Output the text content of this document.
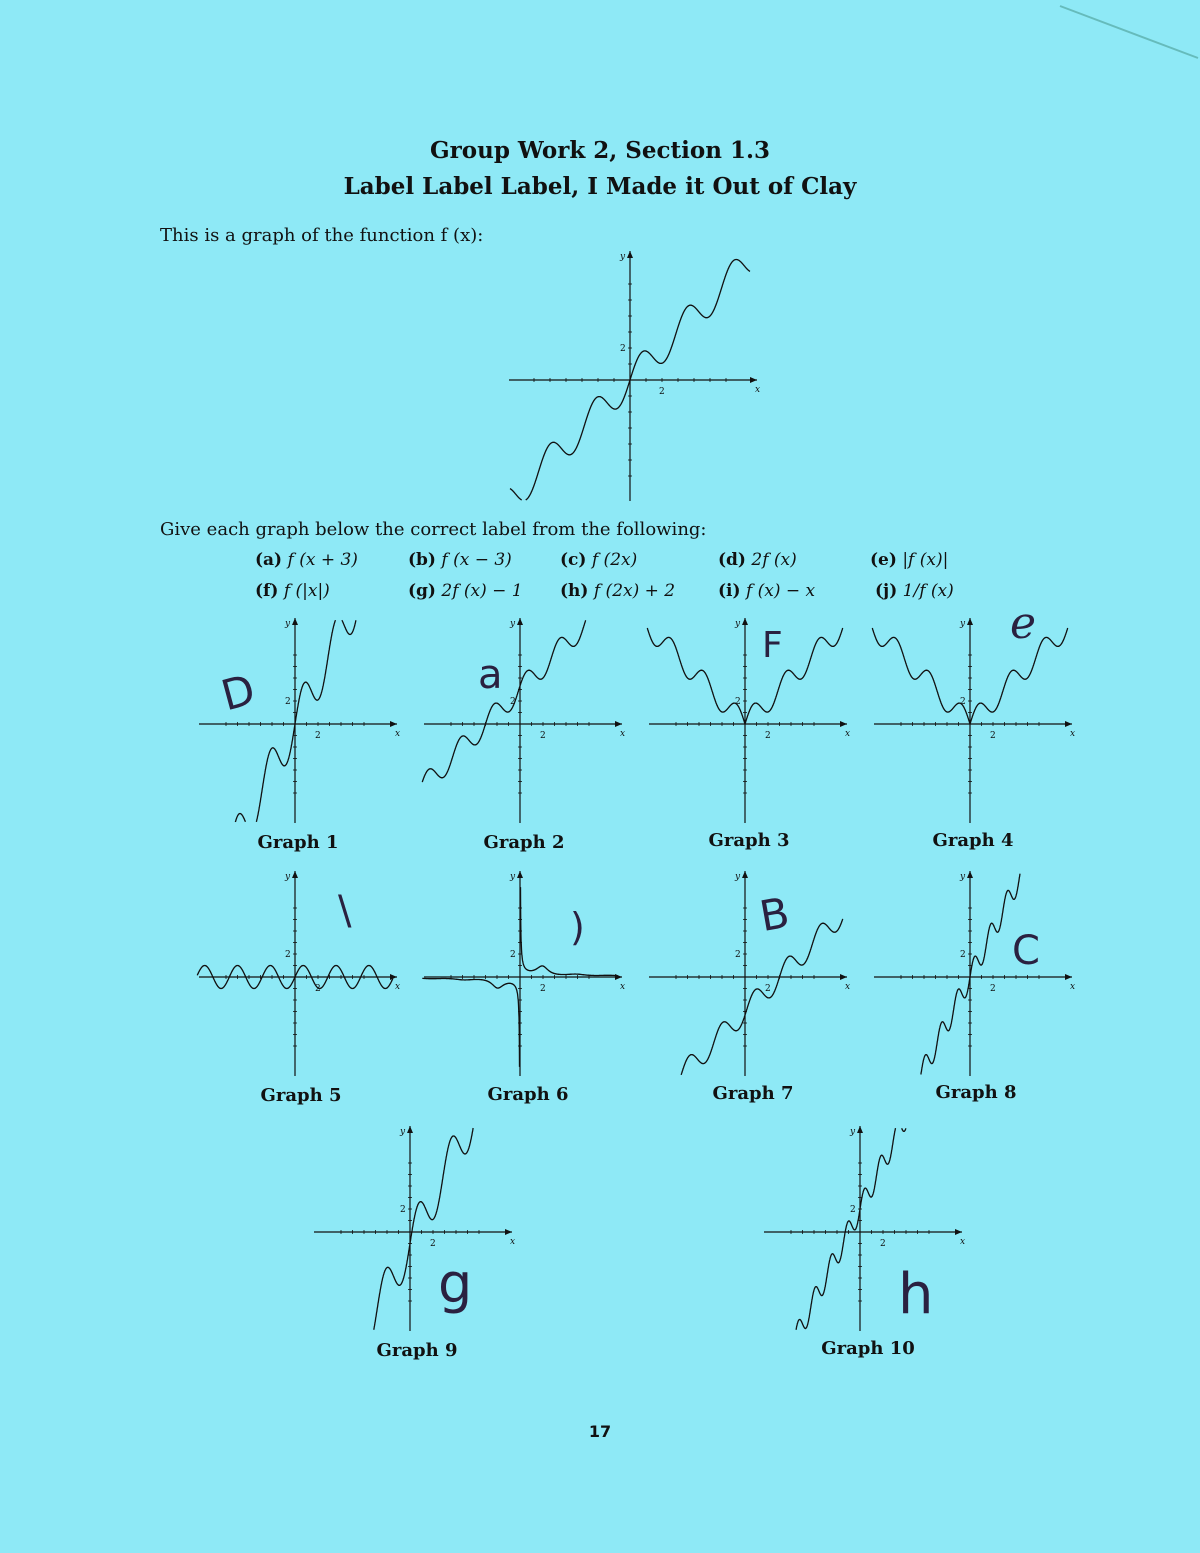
Group Work 2, Section 1.3
Label Label Label, I Made it Out of Clay
This is a graph of the function f (x):
2
2
x
y
Give each graph below the correct label from the following:
(a) f (x + 3)	(b) f (x − 3)	(c) f (2x)	(d) 2f (x)	(e) |f (x)|
(f) f (|x|)	(g) 2f (x) − 1 (h) f (2x) + 2	(i) f (x) − x	(j) 1/f (x)
2
2
x
y
2
2
x
y
2
2
x
y
2
2
x
y
2
2
x
y
2
2
x
y
2
2
x
y
2
2
x
y
2
2
x
y
2
2
x
y
Graph 1	Graph 2	Graph 3	Graph 4
Graph 5	Graph 6	Graph 7	Graph 8
Graph 9	Graph 10
D	a
F	e
\	)	B
C
g	h
17
